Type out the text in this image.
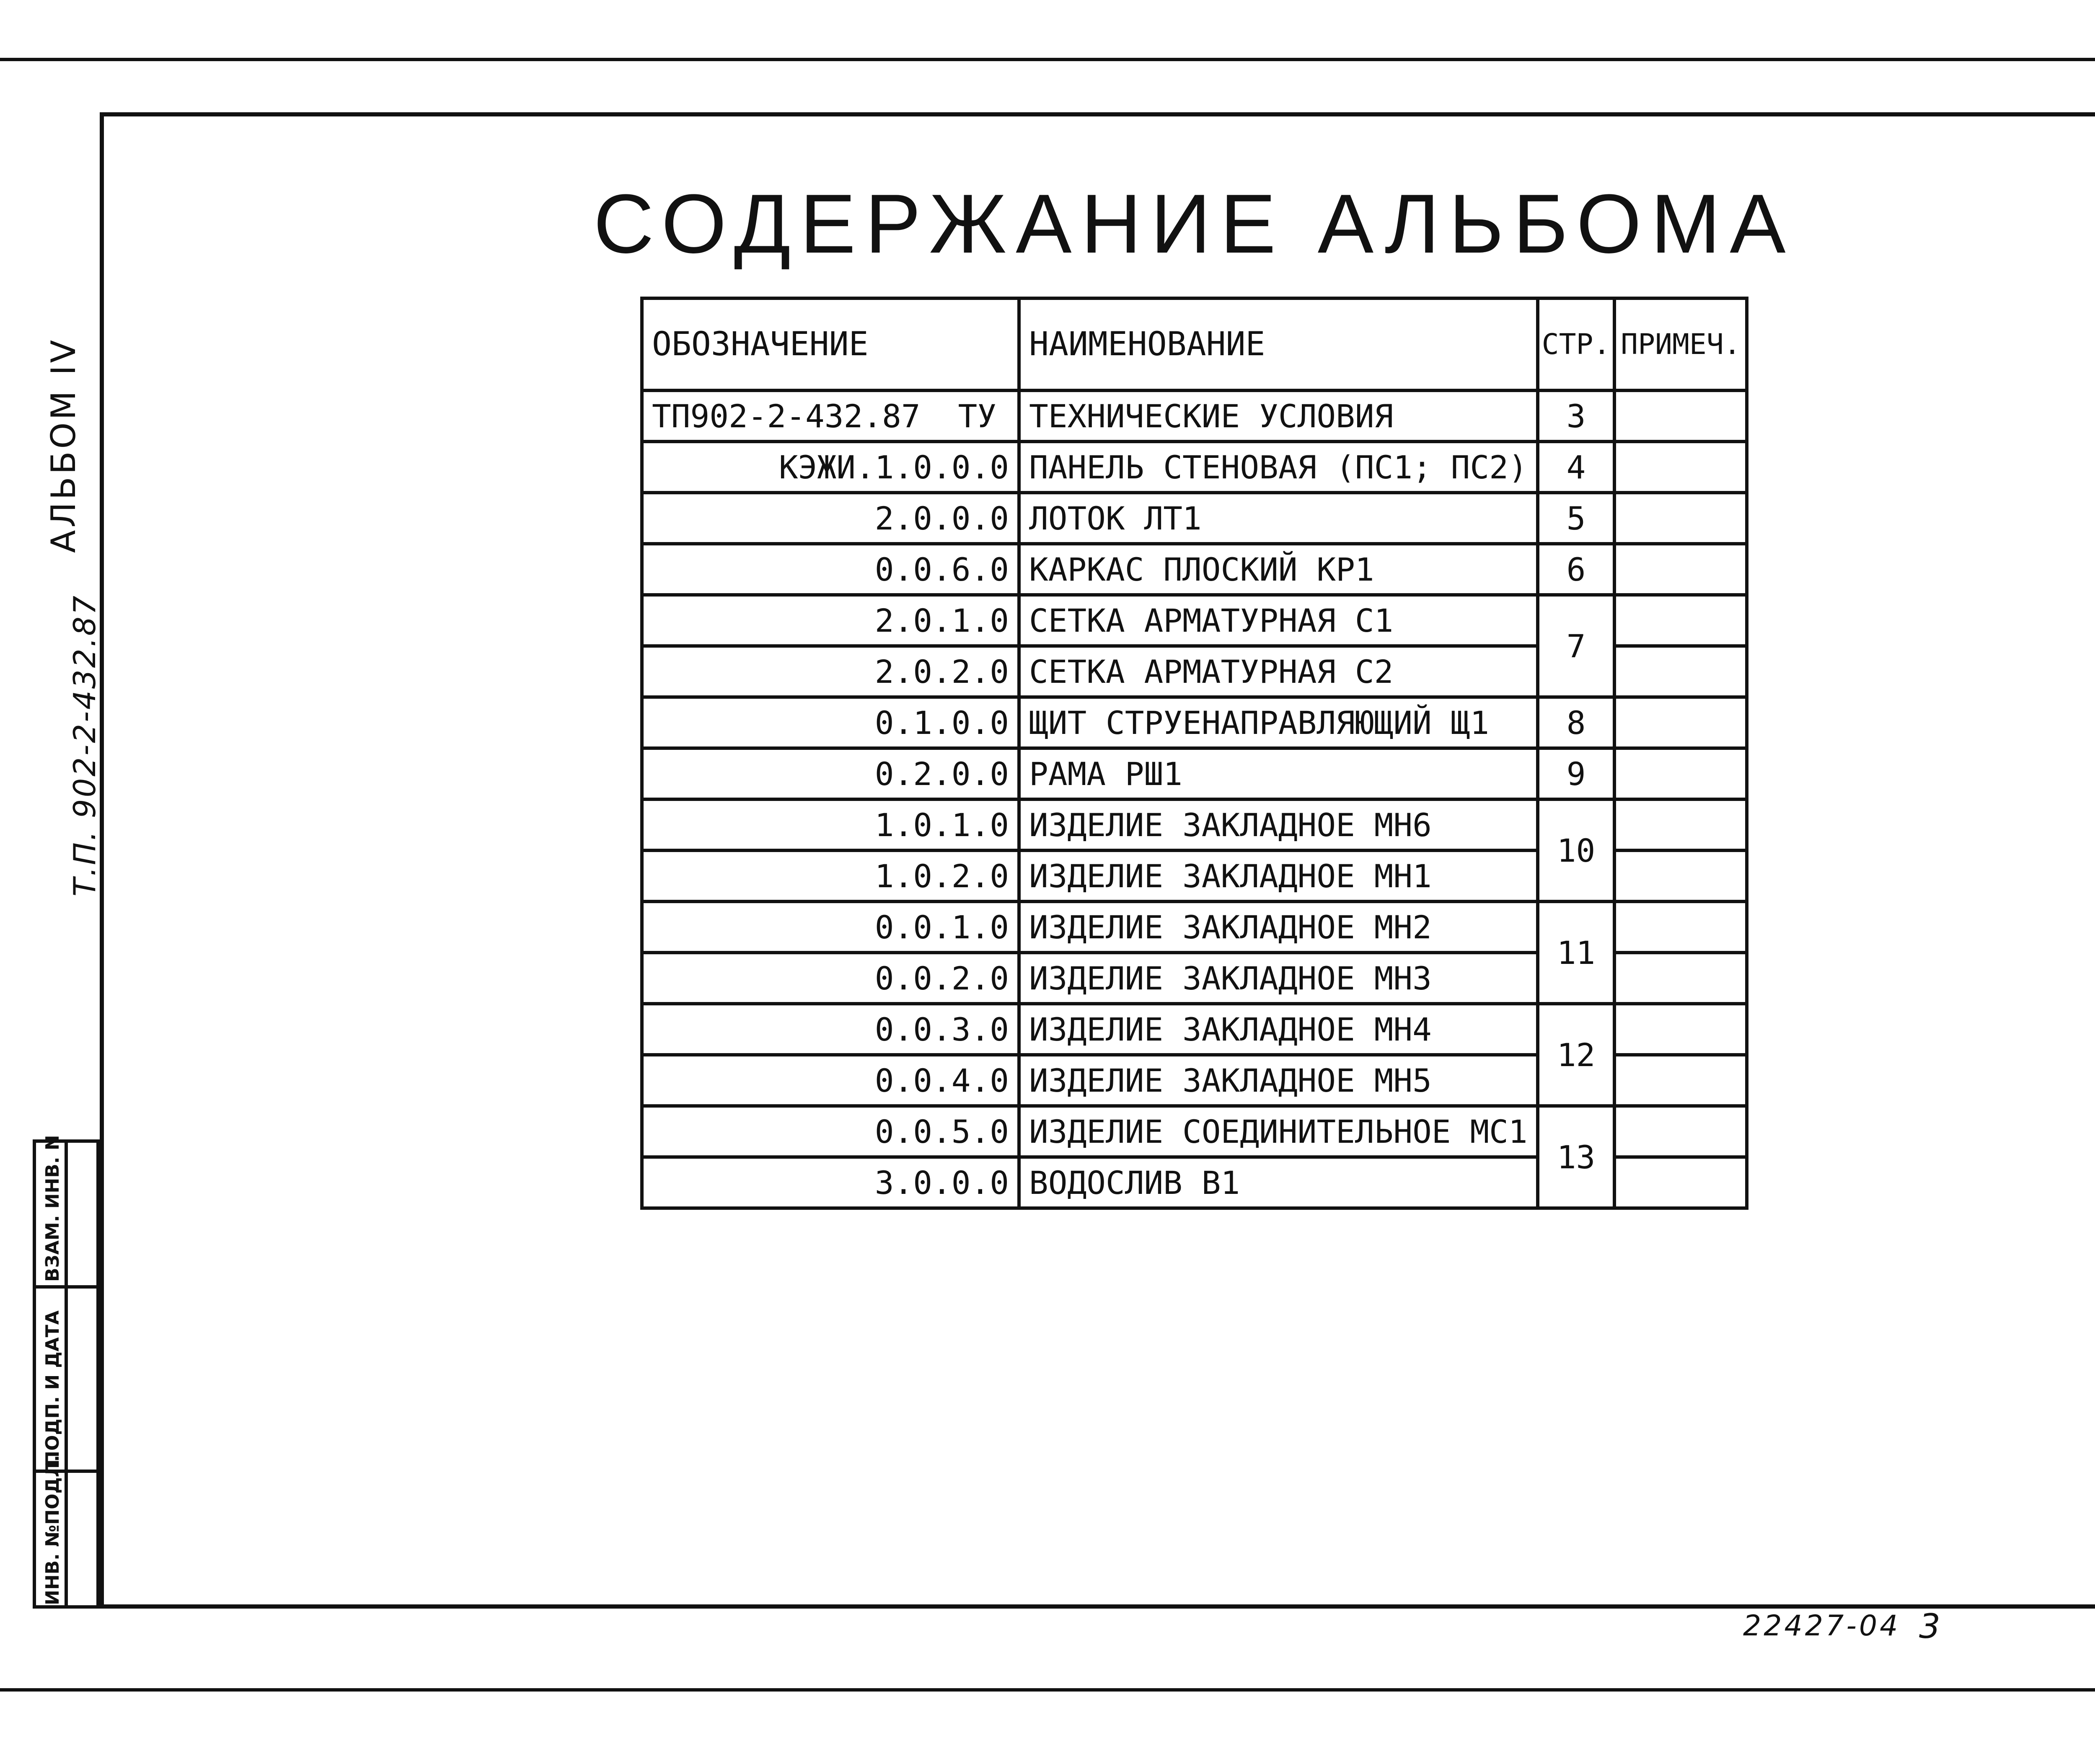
СОДЕРЖАНИЕ АЛЬБОМА
АЛЬБОМ IV
Т.П. 902-2-432.87
ВЗАМ. ИНВ. N
ПОДП. И ДАТА
ИНВ. №ПОДЛ.
ОБОЗНАЧЕНИЕ	НАИМЕНОВАНИЕ	СТР.	ПРИМЕЧ.
ТП902-2-432.87 ТУ	ТЕХНИЧЕСКИЕ УСЛОВИЯ	3	
КЭЖИ.1.0.0.0	ПАНЕЛЬ СТЕНОВАЯ (ПС1; ПС2)	4	
2.0.0.0	ЛОТОК ЛТ1	5	
0.0.6.0	КАРКАС ПЛОСКИЙ КР1	6	
2.0.1.0	СЕТКА АРМАТУРНАЯ С1	7	
2.0.2.0	СЕТКА АРМАТУРНАЯ С2		
0.1.0.0	ЩИТ СТРУЕНАПРАВЛЯЮЩИЙ Щ1	8	
0.2.0.0	РАМА РШ1	9	
1.0.1.0	ИЗДЕЛИЕ ЗАКЛАДНОЕ МН6	10	
1.0.2.0	ИЗДЕЛИЕ ЗАКЛАДНОЕ МН1		
0.0.1.0	ИЗДЕЛИЕ ЗАКЛАДНОЕ МН2	11	
0.0.2.0	ИЗДЕЛИЕ ЗАКЛАДНОЕ МН3		
0.0.3.0	ИЗДЕЛИЕ ЗАКЛАДНОЕ МН4	12	
0.0.4.0	ИЗДЕЛИЕ ЗАКЛАДНОЕ МН5		
0.0.5.0	ИЗДЕЛИЕ СОЕДИНИТЕЛЬНОЕ МС1	13	
3.0.0.0	ВОДОСЛИВ В1		
22427-04 3
